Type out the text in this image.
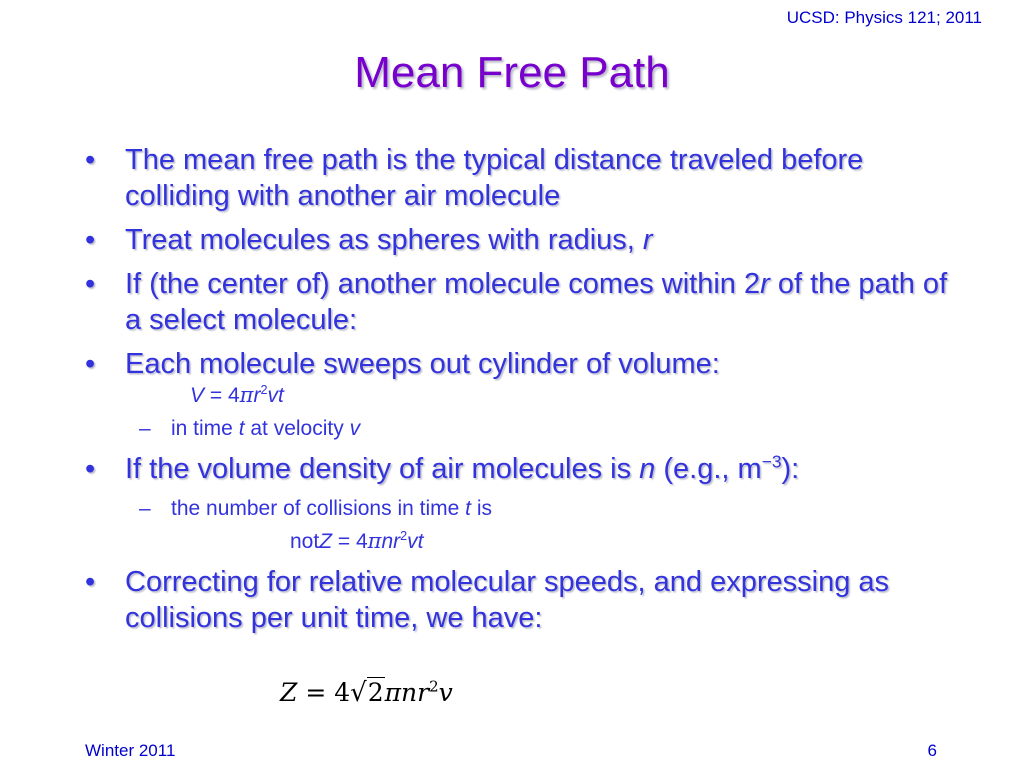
UCSD: Physics 121; 2011
Mean Free Path
• The mean free path is the typical distance traveled before colliding with another air molecule
• Treat molecules as spheres with radius, r
• If (the center of) another molecule comes within 2r of the path of a select molecule:
• Each molecule sweeps out cylinder of volume:
$V = 4\pi r^2vt$
– in time t at velocity v
• If the volume density of air molecules is n (e.g., $m^{-3}$):
– the number of collisions in time t is
notZ = 4πnr$^2$vt
• Correcting for relative molecular speeds, and expressing as collisions per unit time, we have:
Z = 4√2πnr$^2$v
Winter 2011	6
